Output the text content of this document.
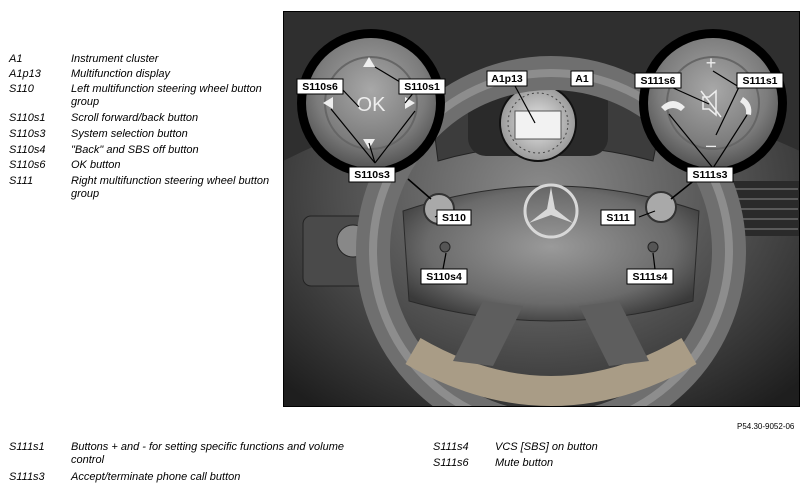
A1	Instrument cluster
A1p13	Multifunction display
S110	Left multifunction steering wheel button group
S110s1 Scroll forward/back button
S110s3 System selection button
S110s4 "Back" and SBS off button
S110s6 OK button
S111	Right multifunction steering wheel button group
OK
+
–
A1p13	A1
S110s6	S110s1
S110s3
S110
S110s4
S111s6	S111s1
S111s3
S111
S111s4
P54.30-9052-06
S111s1 Buttons + and - for setting specific functions and volume control
S111s3 Accept/terminate phone call button
S111s4 VCS [SBS] on button
S111s6 Mute button
